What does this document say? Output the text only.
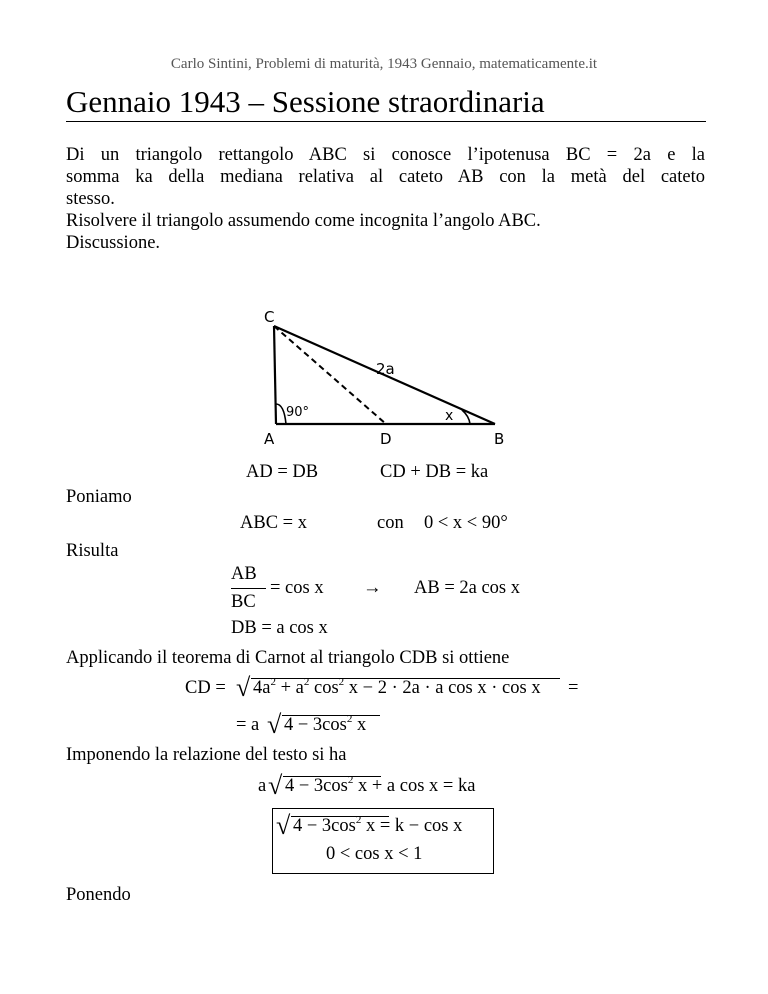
Carlo Sintini, Problemi di maturità, 1943 Gennaio, matematicamente.it
Gennaio 1943 – Sessione straordinaria
Di un triangolo rettangolo ABC si conosce l’ipotenusa BC = 2a e la
somma ka della mediana relativa al cateto AB con la metà del cateto
stesso.
Risolvere il triangolo assumendo come incognita l’angolo ABC.
Discussione.
C
A	D	B
2a
90°	x
AD = DB	CD + DB = ka
Poniamo
ABC = x	con 0 < x < 90°
Risulta
AB
BC
= cos x → AB = 2a cos x
DB = a cos x
Applicando il teorema di Carnot al triangolo CDB si ottiene
CD = √ $4a^2 + a^2$ $\cos^2 x - 2 \cdot 2a \cdot a$ cos x · cos x =
= a √ $4 - 3\cos^2$ x
Imponendo la relazione del testo si ha
a √ $4 - 3\cos^2$ x + a cos x = ka
√ $4 - 3\cos^2$ x = k − cos x
0 < cos x < 1
Ponendo
